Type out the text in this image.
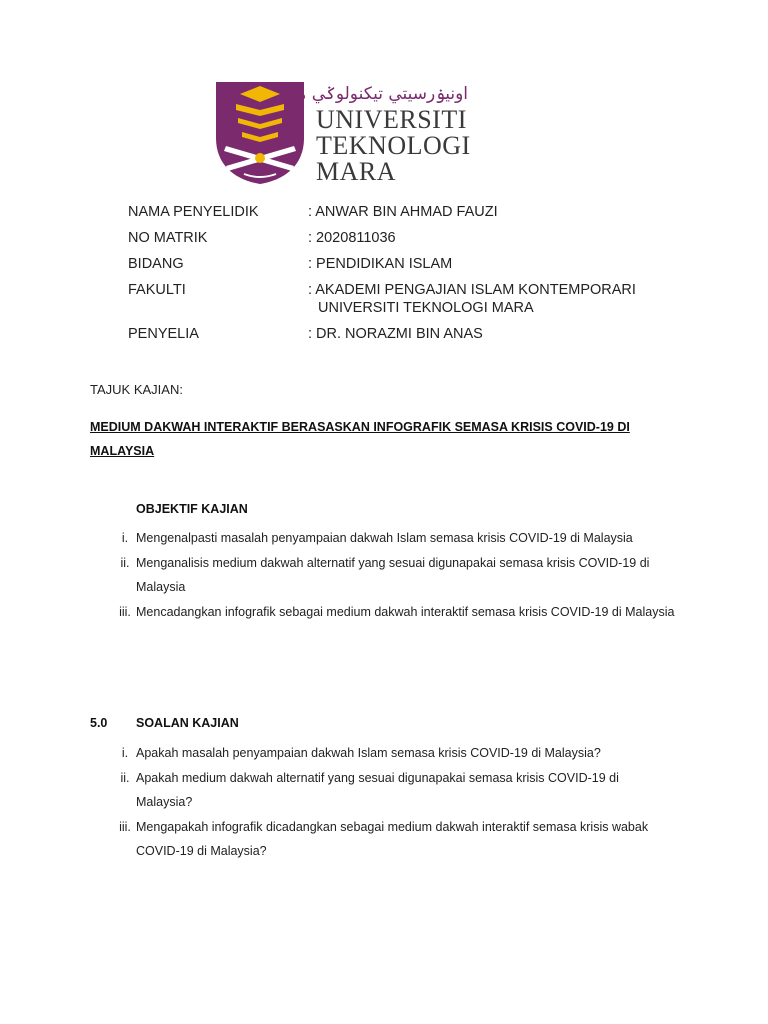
اونيۏرسيتي تيكنولوݢي مارا
UNIVERSITI
TEKNOLOGI
MARA
NAMA PENYELIDIK	: ANWAR BIN AHMAD FAUZI
NO MATRIK	: 2020811036
BIDANG	: PENDIDIKAN ISLAM
FAKULTI	: AKADEMI PENGAJIAN ISLAM KONTEMPORARI
UNIVERSITI TEKNOLOGI MARA
PENYELIA	: DR. NORAZMI BIN ANAS
TAJUK KAJIAN:
MEDIUM DAKWAH INTERAKTIF BERASASKAN INFOGRAFIK SEMASA KRISIS COVID-19 DI MALAYSIA
OBJEKTIF KAJIAN
i. Mengenalpasti masalah penyampaian dakwah Islam semasa krisis COVID-19 di Malaysia
ii. Menganalisis medium dakwah alternatif yang sesuai digunapakai semasa krisis COVID-19 di Malaysia
iii. Mencadangkan infografik sebagai medium dakwah interaktif semasa krisis COVID-19 di Malaysia
5.0 SOALAN KAJIAN
i. Apakah masalah penyampaian dakwah Islam semasa krisis COVID-19 di Malaysia?
ii. Apakah medium dakwah alternatif yang sesuai digunapakai semasa krisis COVID-19 di Malaysia?
iii. Mengapakah infografik dicadangkan sebagai medium dakwah interaktif semasa krisis wabak COVID-19 di Malaysia?
